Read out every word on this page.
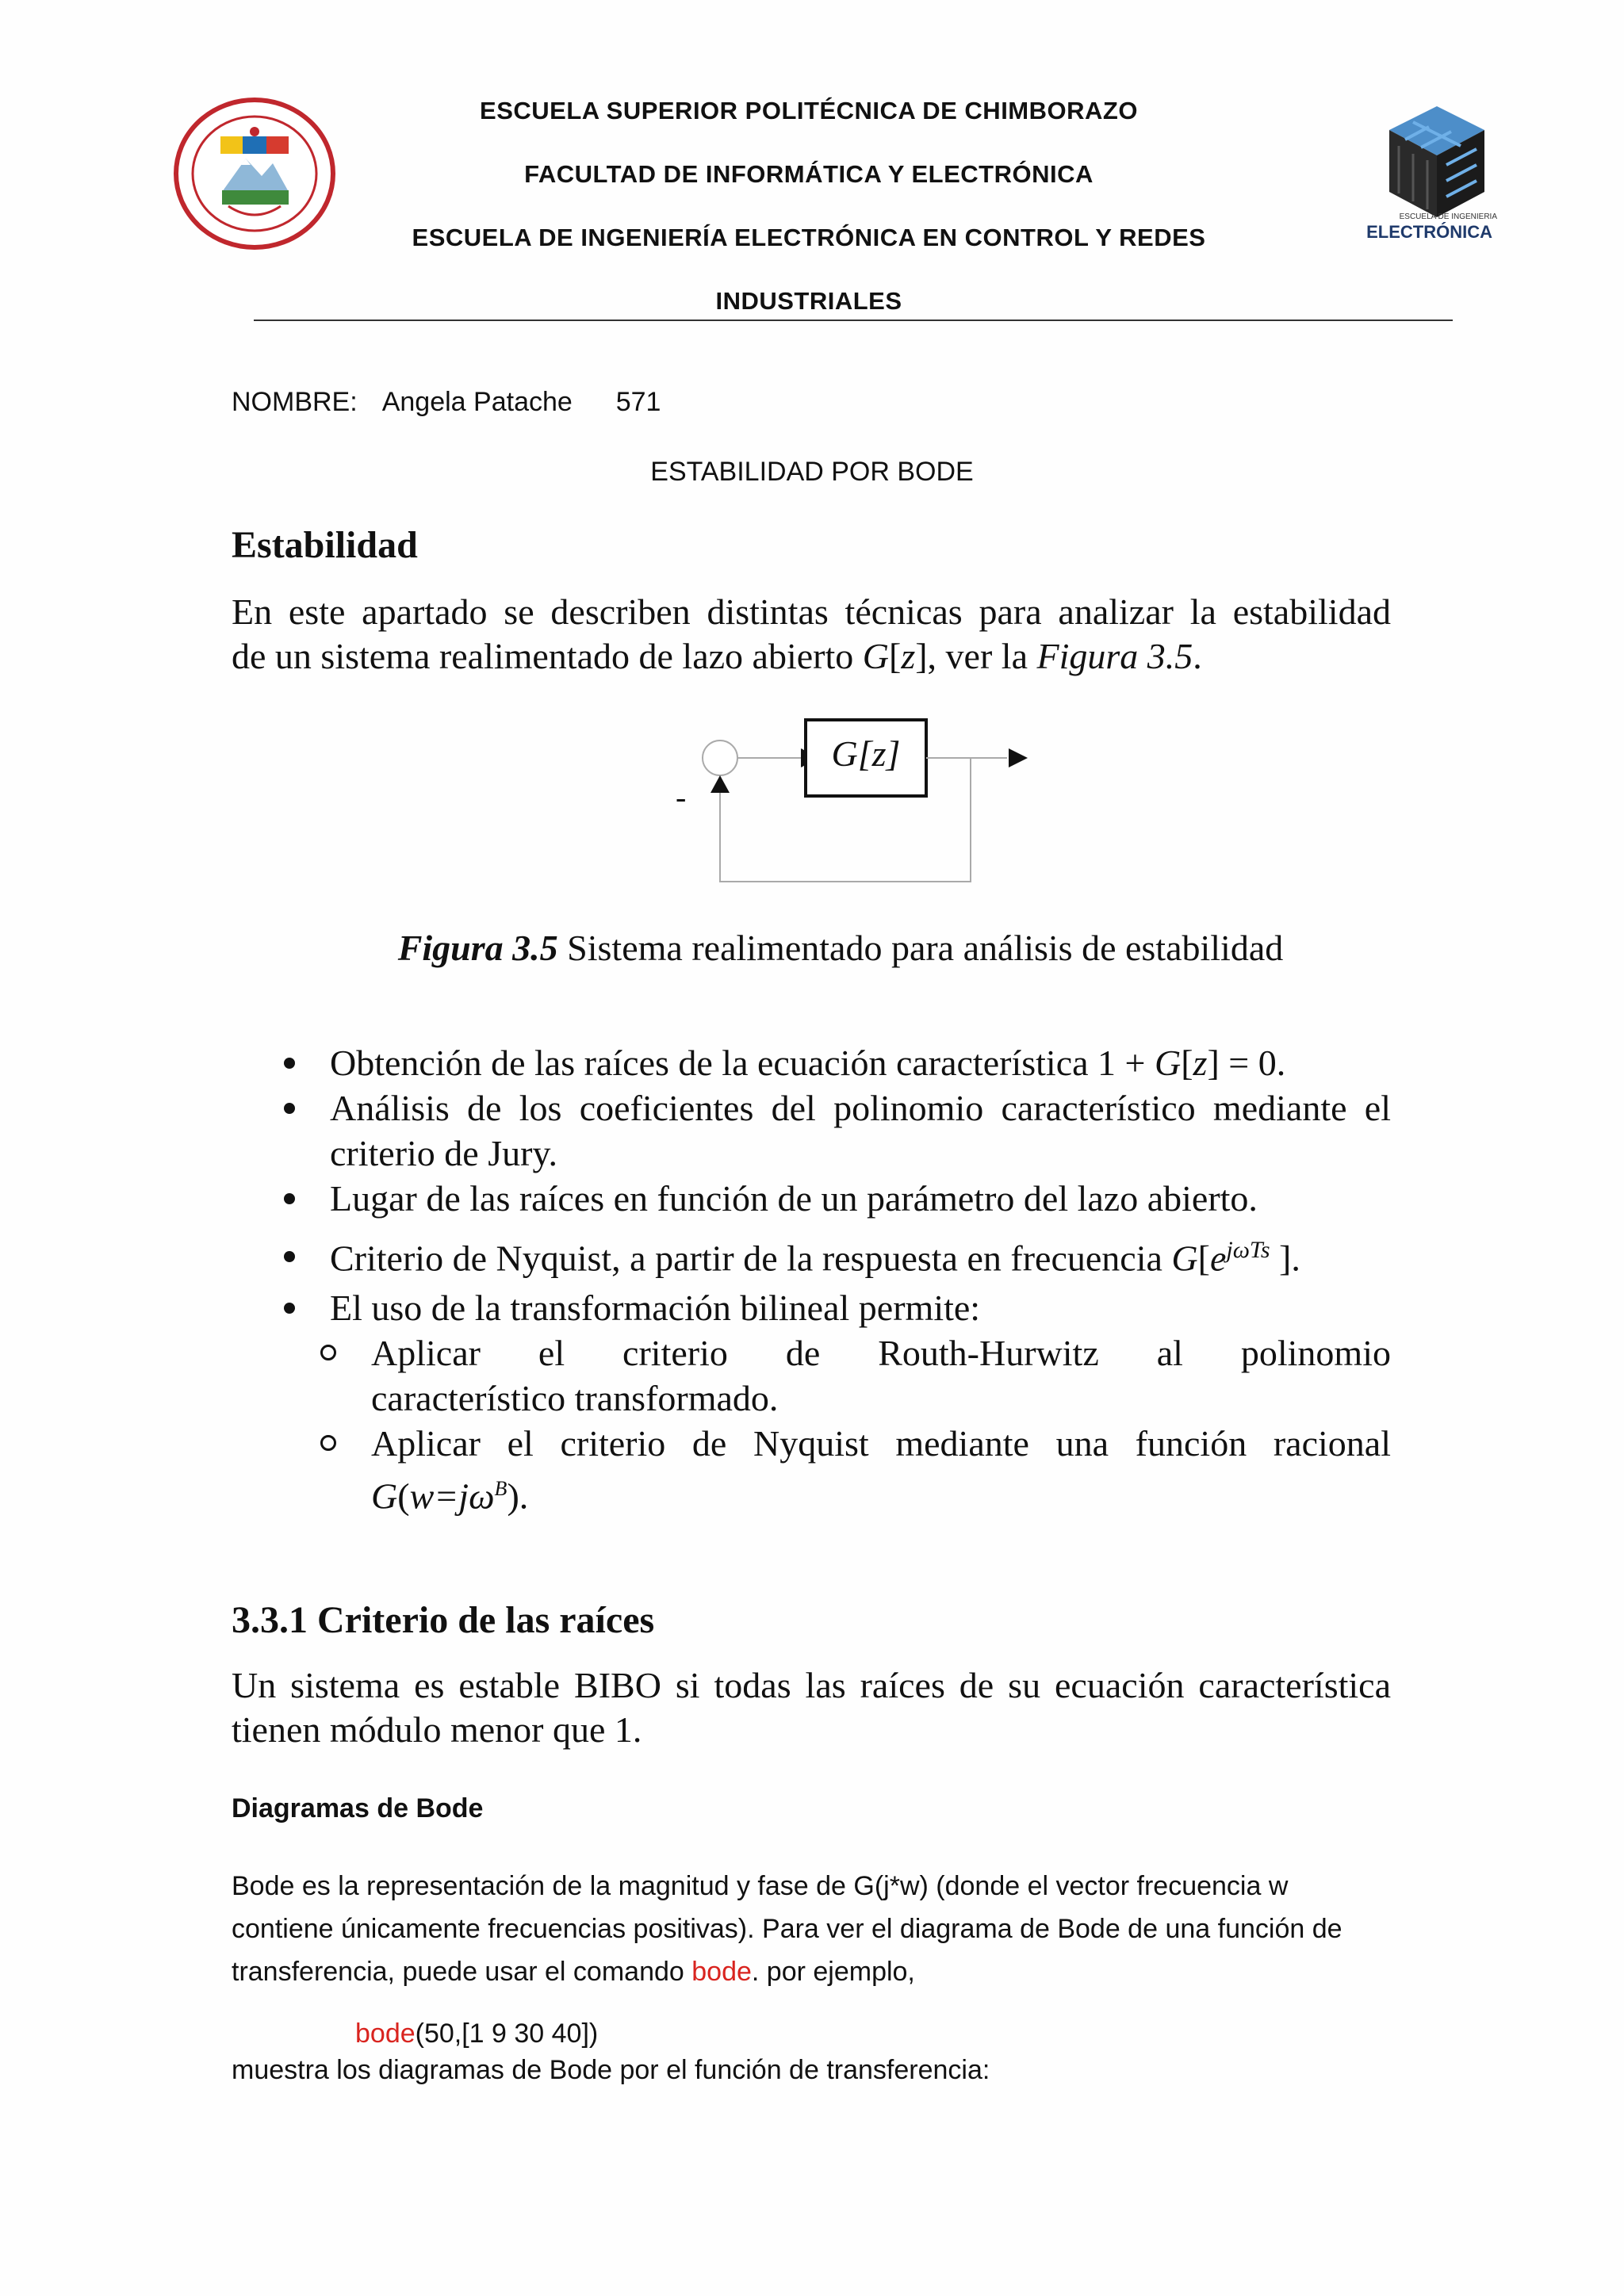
ESCUELA DE INGENIERIA
ELECTRÓNICA
ESCUELA SUPERIOR POLITÉCNICA DE CHIMBORAZO
FACULTAD DE INFORMÁTICA Y ELECTRÓNICA
ESCUELA DE INGENIERÍA ELECTRÓNICA EN CONTROL Y REDES
INDUSTRIALES
NOMBRE: Angela Patache 571
ESTABILIDAD POR BODE
Estabilidad
En este apartado se describen distintas técnicas para analizar la estabilidad
de un sistema realimentado de lazo abierto G[z], ver la Figura 3.5.
G[z]
-
Figura 3.5 Sistema realimentado para análisis de estabilidad
Obtención de las raíces de la ecuación característica 1 + G[z] = 0.
Análisis de los coeficientes del polinomio característico mediante el
criterio de Jury.
Lugar de las raíces en función de un parámetro del lazo abierto.
Criterio de Nyquist, a partir de la respuesta en frecuencia $G[e^{j\omega Ts}$ ].
El uso de la transformación bilineal permite:
Aplicar el criterio de Routh-Hurwitz al polinomio
característico transformado.
Aplicar el criterio de Nyquist mediante una función racional
$G(w=j\omega^B)$.
3.3.1 Criterio de las raíces
Un sistema es estable BIBO si todas las raíces de su ecuación característica
tienen módulo menor que 1.
Diagramas de Bode
Bode es la representación de la magnitud y fase de G(j*w) (donde el vector frecuencia w
contiene únicamente frecuencias positivas). Para ver el diagrama de Bode de una función de
transferencia, puede usar el comando bode. por ejemplo,
bode(50,[1 9 30 40])
muestra los diagramas de Bode por el función de transferencia:
